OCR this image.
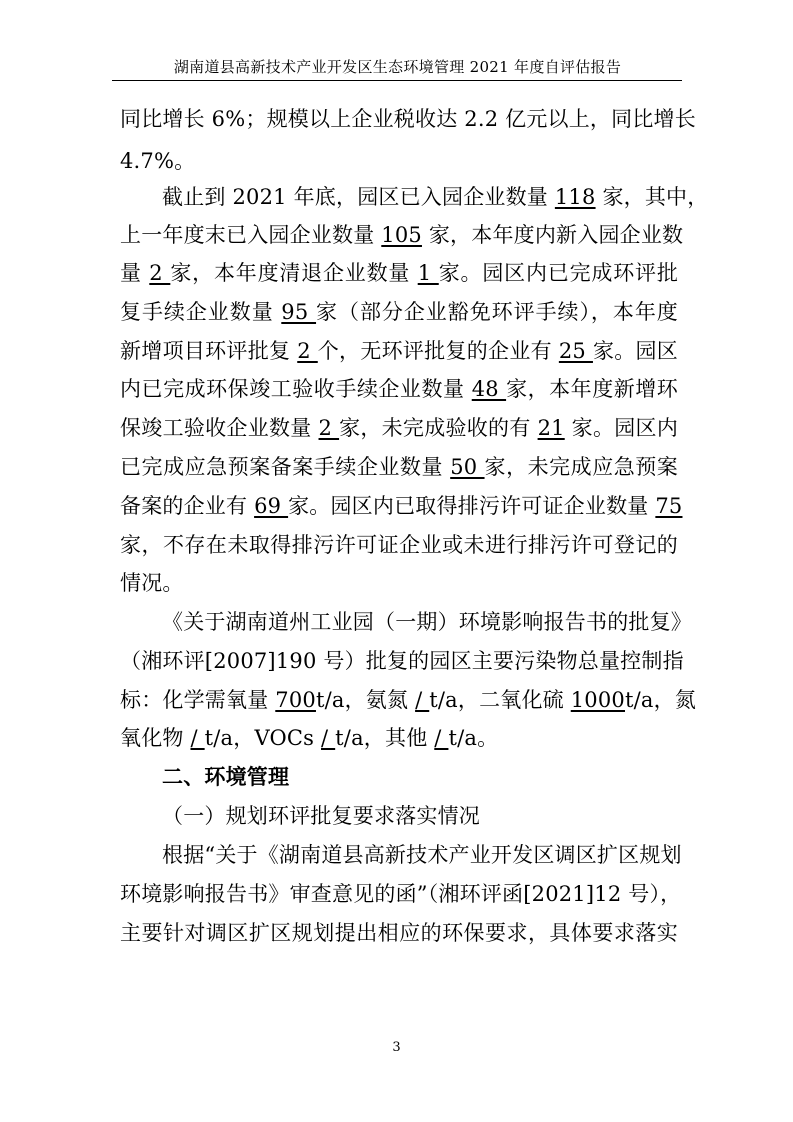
湖南道县高新技术产业开发区生态环境管理 2021 年度自评估报告
同比增长 6%；规模以上企业税收达 2.2 亿元以上，同比增长
4.7%。
截止到 2021 年底，园区已入园企业数量 118 家，其中，
上一年度末已入园企业数量 105 家，本年度内新入园企业数
量 2 家，本年度清退企业数量 1 家。园区内已完成环评批
复手续企业数量 95 家（部分企业豁免环评手续），本年度
新增项目环评批复 2 个，无环评批复的企业有 25 家。园区
内已完成环保竣工验收手续企业数量 48 家，本年度新增环
保竣工验收企业数量 2 家，未完成验收的有 21 家。园区内
已完成应急预案备案手续企业数量 50 家，未完成应急预案
备案的企业有 69 家。园区内已取得排污许可证企业数量 75
家，不存在未取得排污许可证企业或未进行排污许可登记的
情况。
《关于湖南道州工业园（一期）环境影响报告书的批复》
（湘环评[2007]190 号）批复的园区主要污染物总量控制指
标：化学需氧量 700t/a，氨氮 / t/a，二氧化硫 1000t/a，氮
氧化物 / t/a，VOCs / t/a，其他 / t/a。
二、环境管理
（一）规划环评批复要求落实情况
根据“关于《湖南道县高新技术产业开发区调区扩区规划
环境影响报告书》审查意见的函”（湘环评函[2021]12 号），
主要针对调区扩区规划提出相应的环保要求，具体要求落实
3
